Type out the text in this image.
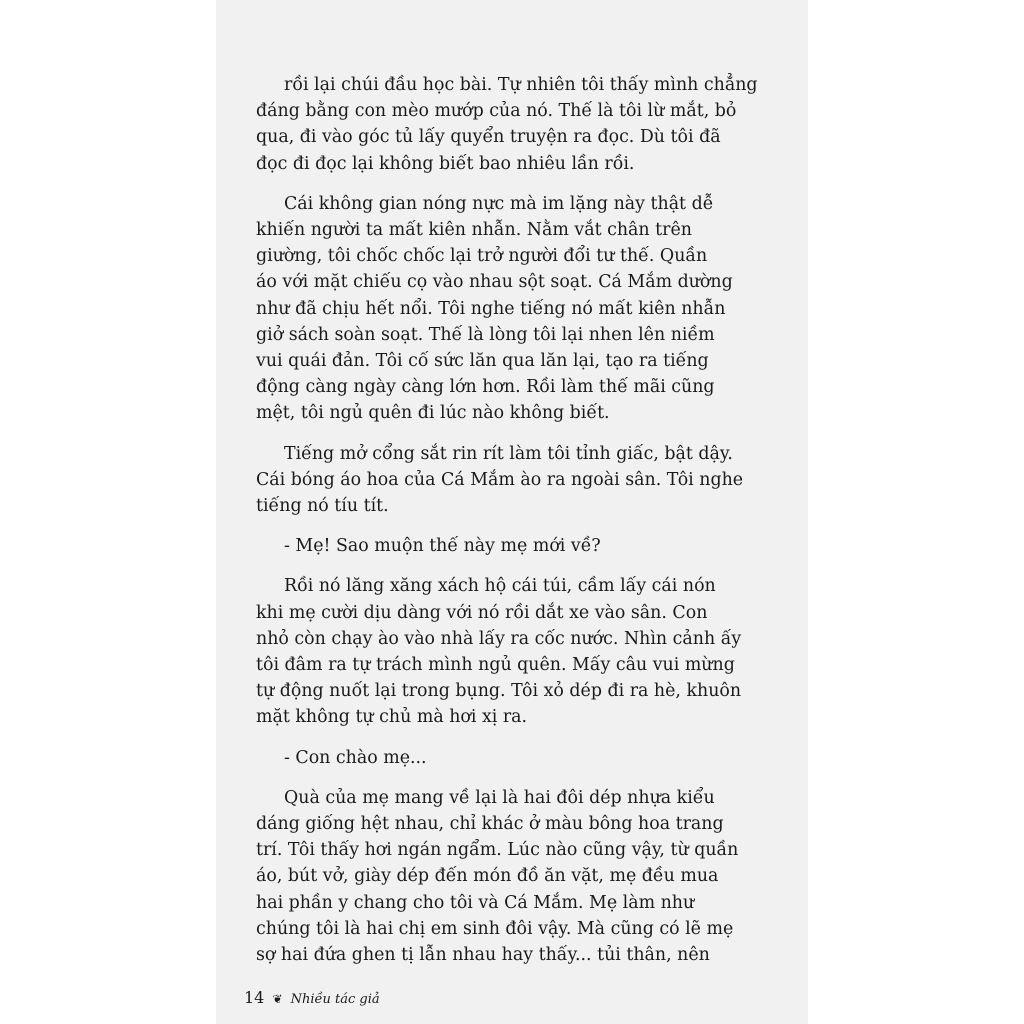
rồi lại chúi đầu học bài. Tự nhiên tôi thấy mình chẳng
đáng bằng con mèo mướp của nó. Thế là tôi lừ mắt, bỏ
qua, đi vào góc tủ lấy quyển truyện ra đọc. Dù tôi đã
đọc đi đọc lại không biết bao nhiêu lần rồi.

Cái không gian nóng nực mà im lặng này thật dễ
khiến người ta mất kiên nhẫn. Nằm vắt chân trên
giường, tôi chốc chốc lại trở người đổi tư thế. Quần
áo với mặt chiếu cọ vào nhau sột soạt. Cá Mắm dường
như đã chịu hết nổi. Tôi nghe tiếng nó mất kiên nhẫn
giở sách soàn soạt. Thế là lòng tôi lại nhen lên niềm
vui quái đản. Tôi cố sức lăn qua lăn lại, tạo ra tiếng
động càng ngày càng lớn hơn. Rồi làm thế mãi cũng
mệt, tôi ngủ quên đi lúc nào không biết.

Tiếng mở cổng sắt rin rít làm tôi tỉnh giấc, bật dậy.
Cái bóng áo hoa của Cá Mắm ào ra ngoài sân. Tôi nghe
tiếng nó tíu tít.

- Mẹ! Sao muộn thế này mẹ mới về?

Rồi nó lăng xăng xách hộ cái túi, cầm lấy cái nón
khi mẹ cười dịu dàng với nó rồi dắt xe vào sân. Con
nhỏ còn chạy ào vào nhà lấy ra cốc nước. Nhìn cảnh ấy
tôi đâm ra tự trách mình ngủ quên. Mấy câu vui mừng
tự động nuốt lại trong bụng. Tôi xỏ dép đi ra hè, khuôn
mặt không tự chủ mà hơi xị ra.

- Con chào mẹ...

Quà của mẹ mang về lại là hai đôi dép nhựa kiểu
dáng giống hệt nhau, chỉ khác ở màu bông hoa trang
trí. Tôi thấy hơi ngán ngẩm. Lúc nào cũng vậy, từ quần
áo, bút vở, giày dép đến món đồ ăn vặt, mẹ đều mua
hai phần y chang cho tôi và Cá Mắm. Mẹ làm như
chúng tôi là hai chị em sinh đôi vậy. Mà cũng có lẽ mẹ
sợ hai đứa ghen tị lẫn nhau hay thấy... tủi thân, nên

14 ❦ Nhiều tác giả
